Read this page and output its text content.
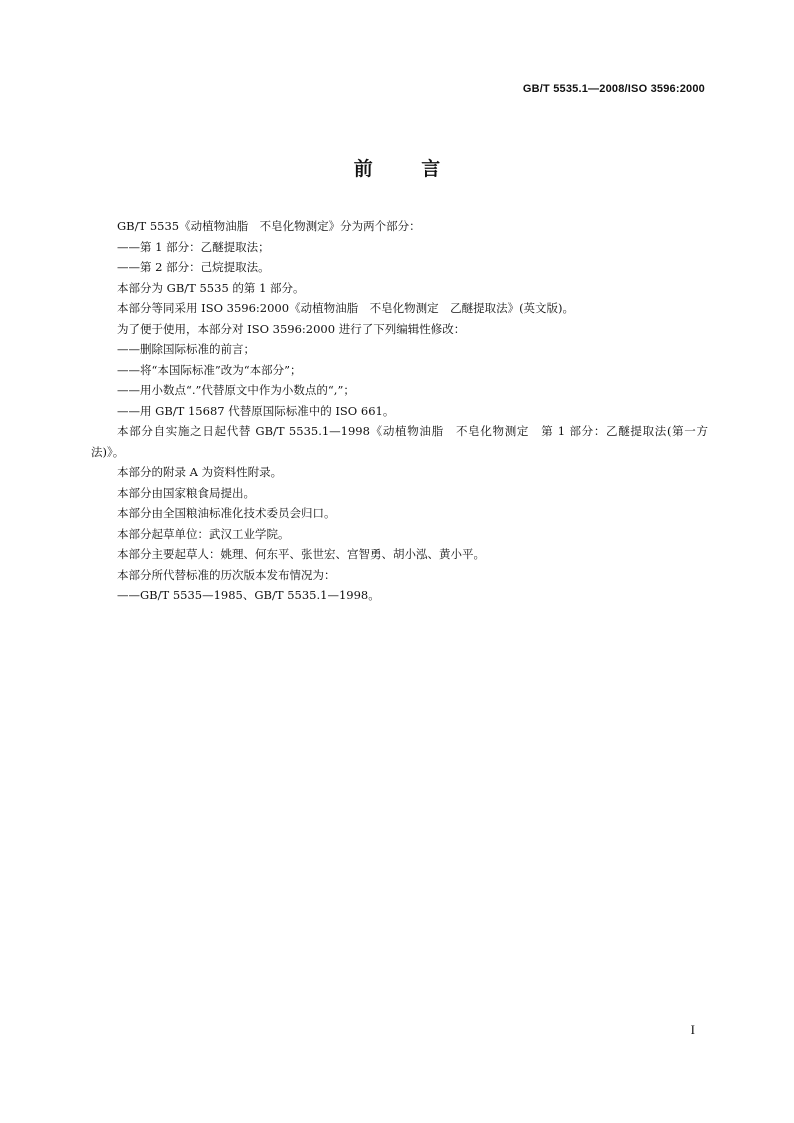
GB/T 5535.1—2008/ISO 3596:2000
前 言

GB/T 5535《动植物油脂　不皂化物测定》分为两个部分：

——第 1 部分：乙醚提取法；

——第 2 部分：己烷提取法。

本部分为 GB/T 5535 的第 1 部分。

本部分等同采用 ISO 3596:2000《动植物油脂　不皂化物测定　乙醚提取法》(英文版)。

为了便于使用，本部分对 ISO 3596:2000 进行了下列编辑性修改：

——删除国际标准的前言；

——将“本国际标准”改为“本部分”；

——用小数点“.”代替原文中作为小数点的“,”；

——用 GB/T 15687 代替原国际标准中的 ISO 661。

本部分自实施之日起代替 GB/T 5535.1—1998《动植物油脂　不皂化物测定　第 1 部分：乙醚提取法(第一方法)》。

本部分的附录 A 为资料性附录。

本部分由国家粮食局提出。

本部分由全国粮油标准化技术委员会归口。

本部分起草单位：武汉工业学院。

本部分主要起草人：姚理、何东平、张世宏、宫智勇、胡小泓、黄小平。

本部分所代替标准的历次版本发布情况为：

——GB/T 5535—1985、GB/T 5535.1—1998。

I
